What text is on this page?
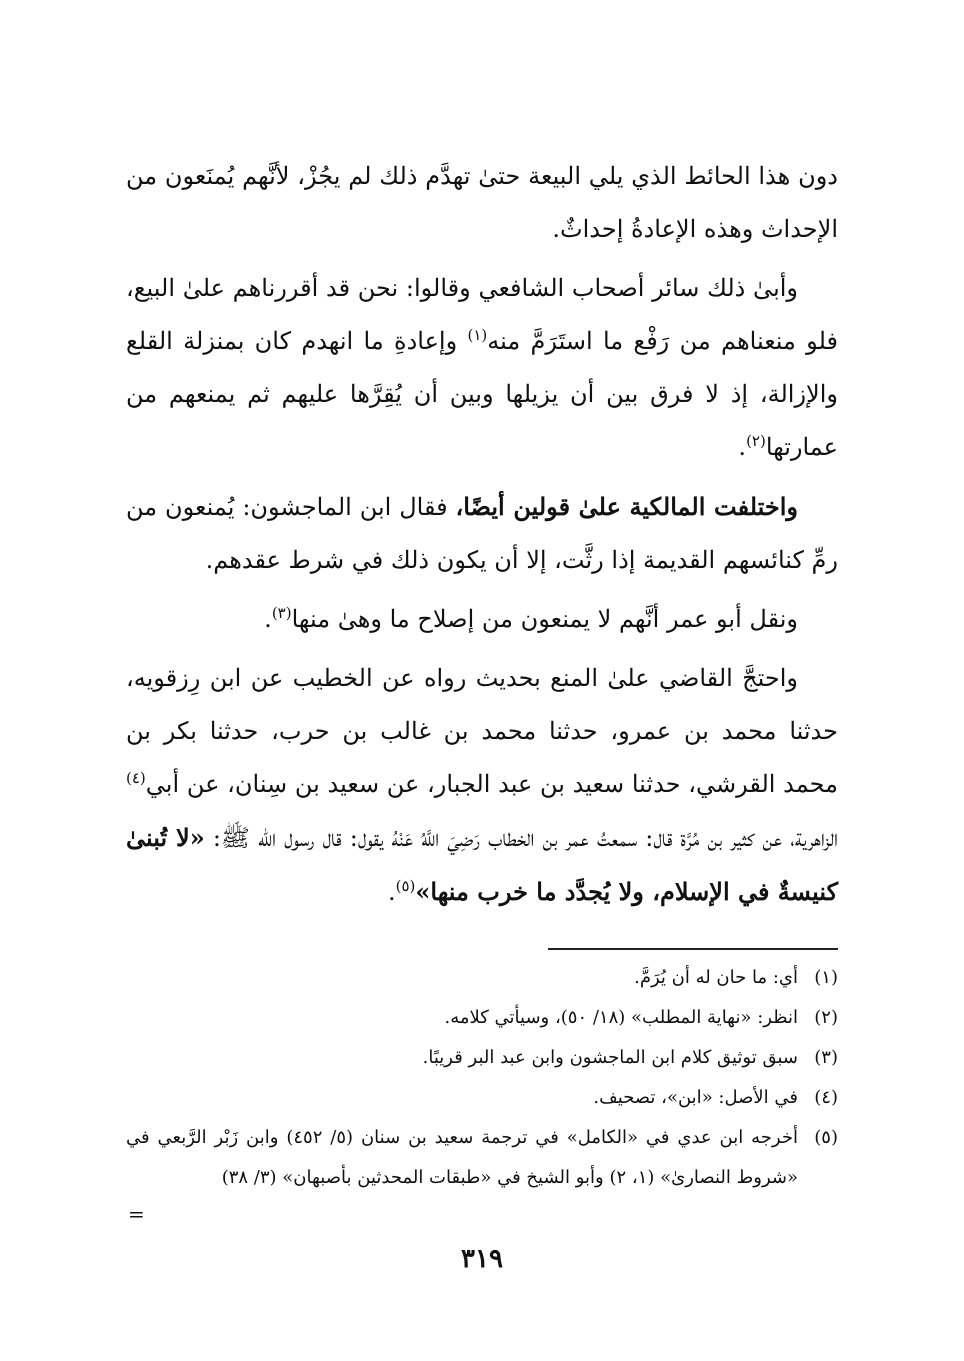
دون هذا الحائط الذي يلي البيعة حتىٰ تهدَّم ذلك لم يجُزْ، لأنَّهم يُمنَعون من الإحداث وهذه الإعادةُ إحداثٌ.

وأبىٰ ذلك سائر أصحاب الشافعي وقالوا: نحن قد أقررناهم علىٰ البيع، فلو منعناهم من رَفْع ما استَرَمَّ منه$^{(١)}$ وإعادةِ ما انهدم كان بمنزلة القلع والإزالة، إذ لا فرق بين أن يزيلها وبين أن يُقِرَّها عليهم ثم يمنعهم من عمارتها$^{(٢)}$.

واختلفت المالكية علىٰ قولين أيضًا، فقال ابن الماجشون: يُمنعون من رمِّ كنائسهم القديمة إذا رثَّت، إلا أن يكون ذلك في شرط عقدهم.

ونقل أبو عمر أنَّهم لا يمنعون من إصلاح ما وهىٰ منها$^{(٣)}$.

واحتجَّ القاضي علىٰ المنع بحديث رواه عن الخطيب عن ابن رِزقويه، حدثنا محمد بن عمرو، حدثنا محمد بن غالب بن حرب، حدثنا بكر بن محمد القرشي، حدثنا سعيد بن عبد الجبار، عن سعيد بن سِنان، عن أبي$^{(٤)}$ الزاهرية، عن كثير بن مُرَّة قال: سمعتُ عمر بن الخطاب رَضِيَ اللَّهُ عَنْهُ يقول: قال رسول الله ﷺ: «لا تُبنىٰ كنيسةٌ في الإسلام، ولا يُجدَّد ما خرب منها»$^{(٥)}$.

(١)
أي: ما حان له أن يُرَمَّ.
(٢)
انظر: «نهاية المطلب» (١٨/ ٥٠)، وسيأتي كلامه.
(٣)
سبق توثيق كلام ابن الماجشون وابن عبد البر قريبًا.
(٤)
في الأصل: «ابن»، تصحيف.
(٥)
أخرجه ابن عدي في «الكامل» في ترجمة سعيد بن سنان (٥/ ٤٥٢) وابن زَبْر الرَّبعي في «شروط النصارىٰ» (١، ٢) وأبو الشيخ في «طبقات المحدثين بأصبهان» (٣/ ٣٨)
=
٣١٩
